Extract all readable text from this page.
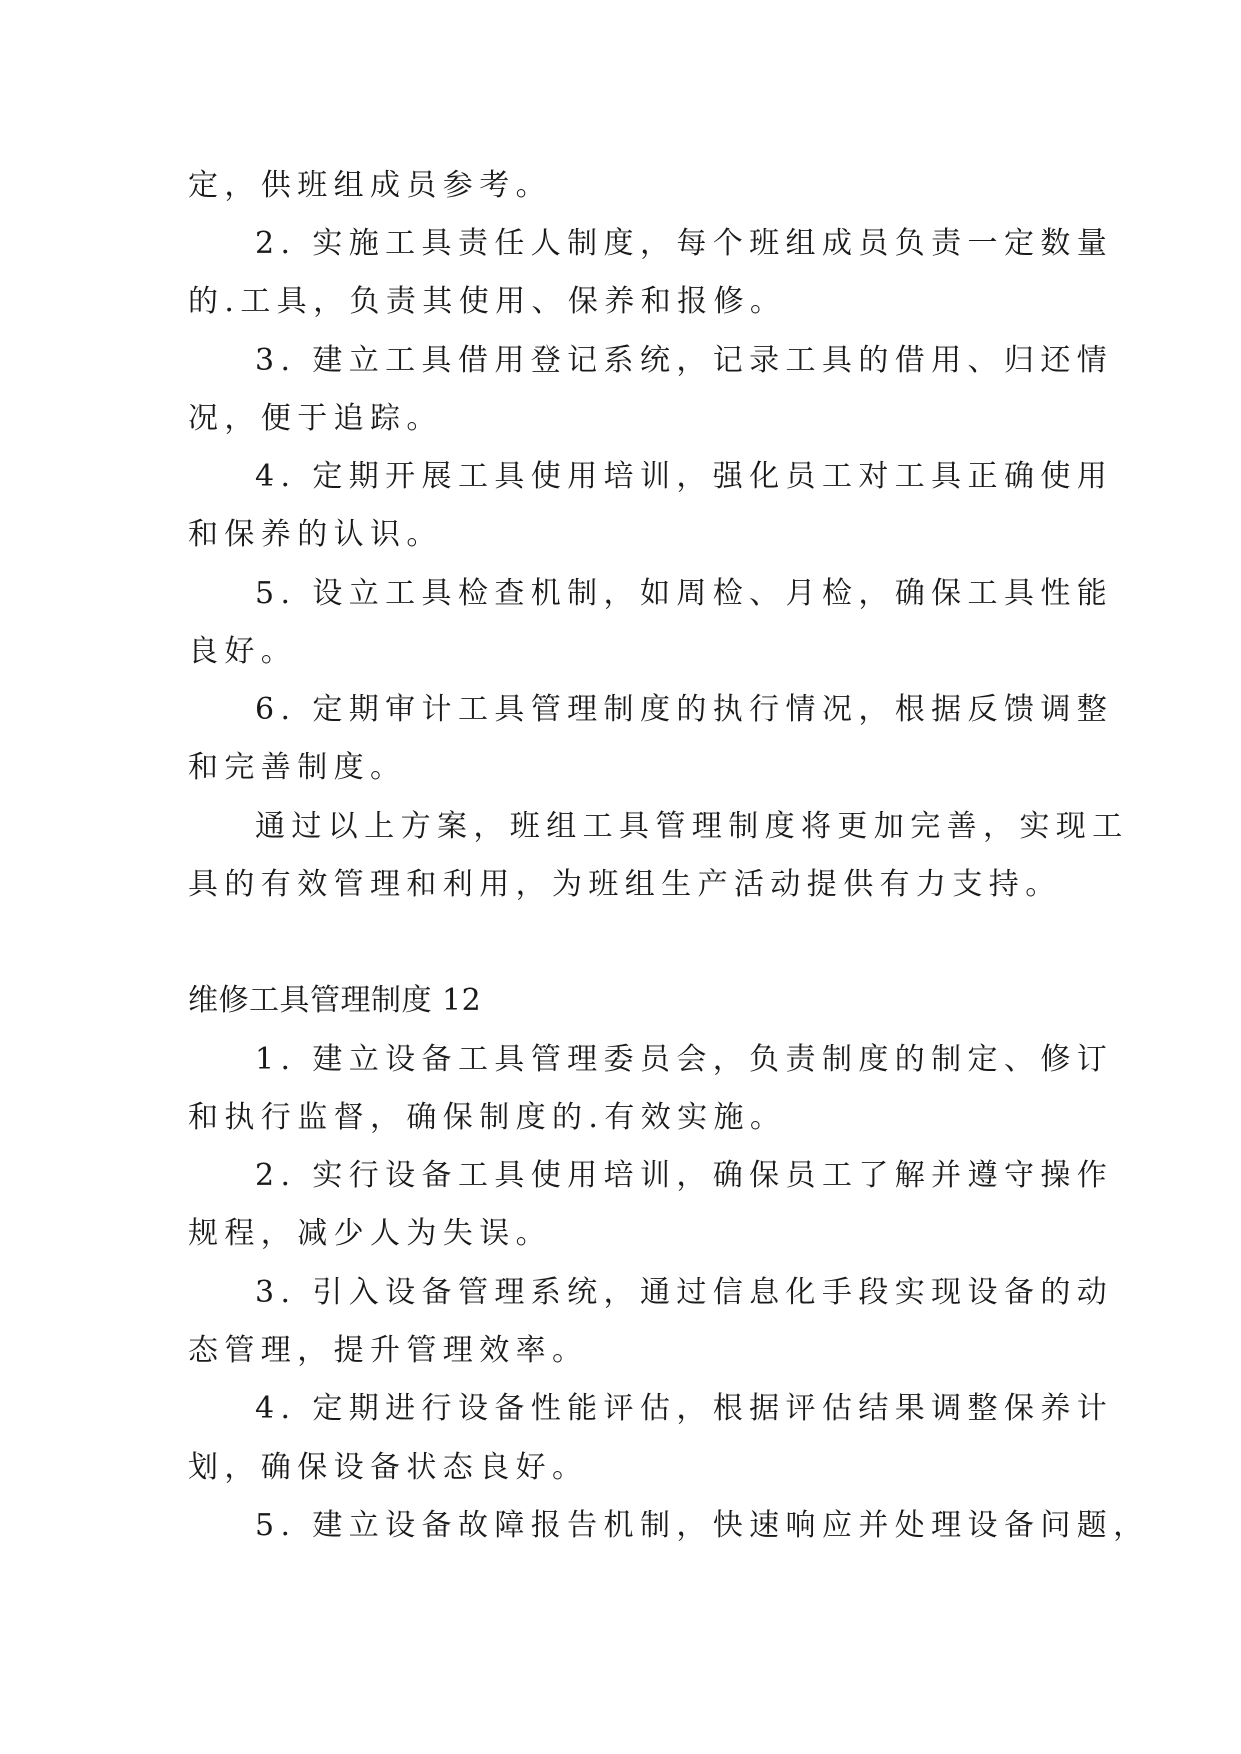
定，供班组成员参考。
2. 实施工具责任人制度，每个班组成员负责一定数量
的.工具，负责其使用、保养和报修。
3. 建立工具借用登记系统，记录工具的借用、归还情
况，便于追踪。
4. 定期开展工具使用培训，强化员工对工具正确使用
和保养的认识。
5. 设立工具检查机制，如周检、月检，确保工具性能
良好。
6. 定期审计工具管理制度的执行情况，根据反馈调整
和完善制度。
通过以上方案，班组工具管理制度将更加完善，实现工
具的有效管理和利用，为班组生产活动提供有力支持。
维修工具管理制度 12
1. 建立设备工具管理委员会，负责制度的制定、修订
和执行监督，确保制度的.有效实施。
2. 实行设备工具使用培训，确保员工了解并遵守操作
规程，减少人为失误。
3. 引入设备管理系统，通过信息化手段实现设备的动
态管理，提升管理效率。
4. 定期进行设备性能评估，根据评估结果调整保养计
划，确保设备状态良好。
5. 建立设备故障报告机制，快速响应并处理设备问题，
